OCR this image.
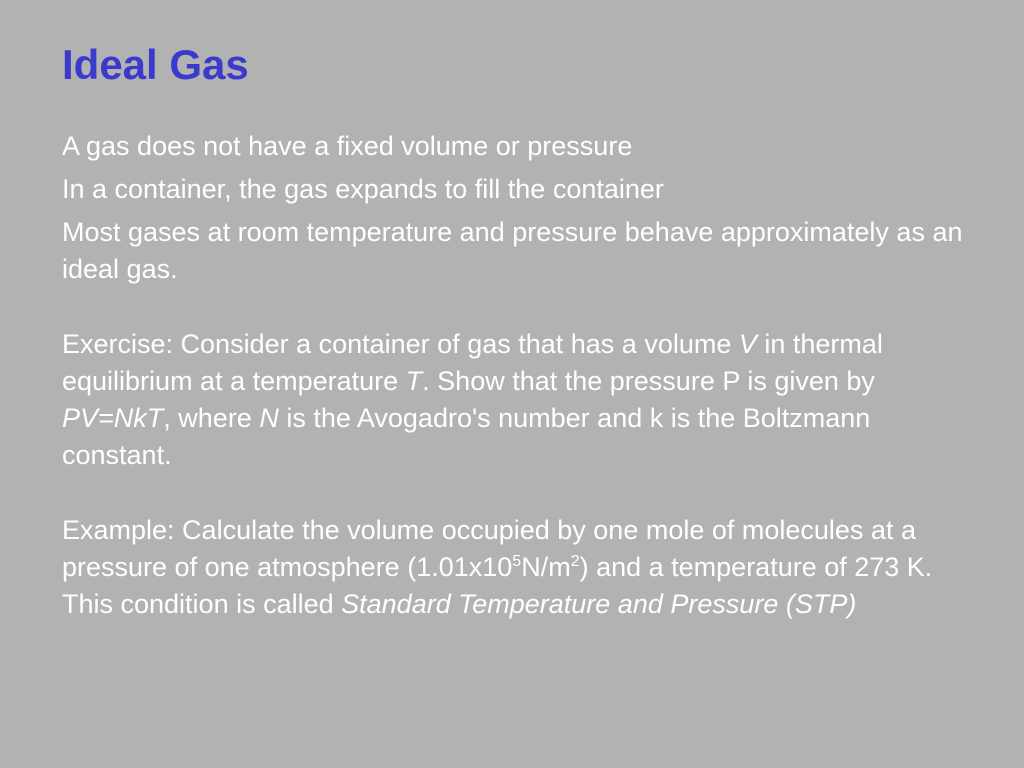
Ideal Gas

A gas does not have a fixed volume or pressure

In a container, the gas expands to fill the container

Most gases at room temperature and pressure behave approximately as an ideal gas.

Exercise: Consider a container of gas that has a volume V in thermal equilibrium at a temperature T. Show that the pressure P is given by PV=NkT, where N is the Avogadro's number and k is the Boltzmann constant.

Example: Calculate the volume occupied by one mole of molecules at a pressure of one atmosphere $(1.01x10^5N/m^2)$ and a temperature of 273 K. This condition is called Standard Temperature and Pressure (STP)
